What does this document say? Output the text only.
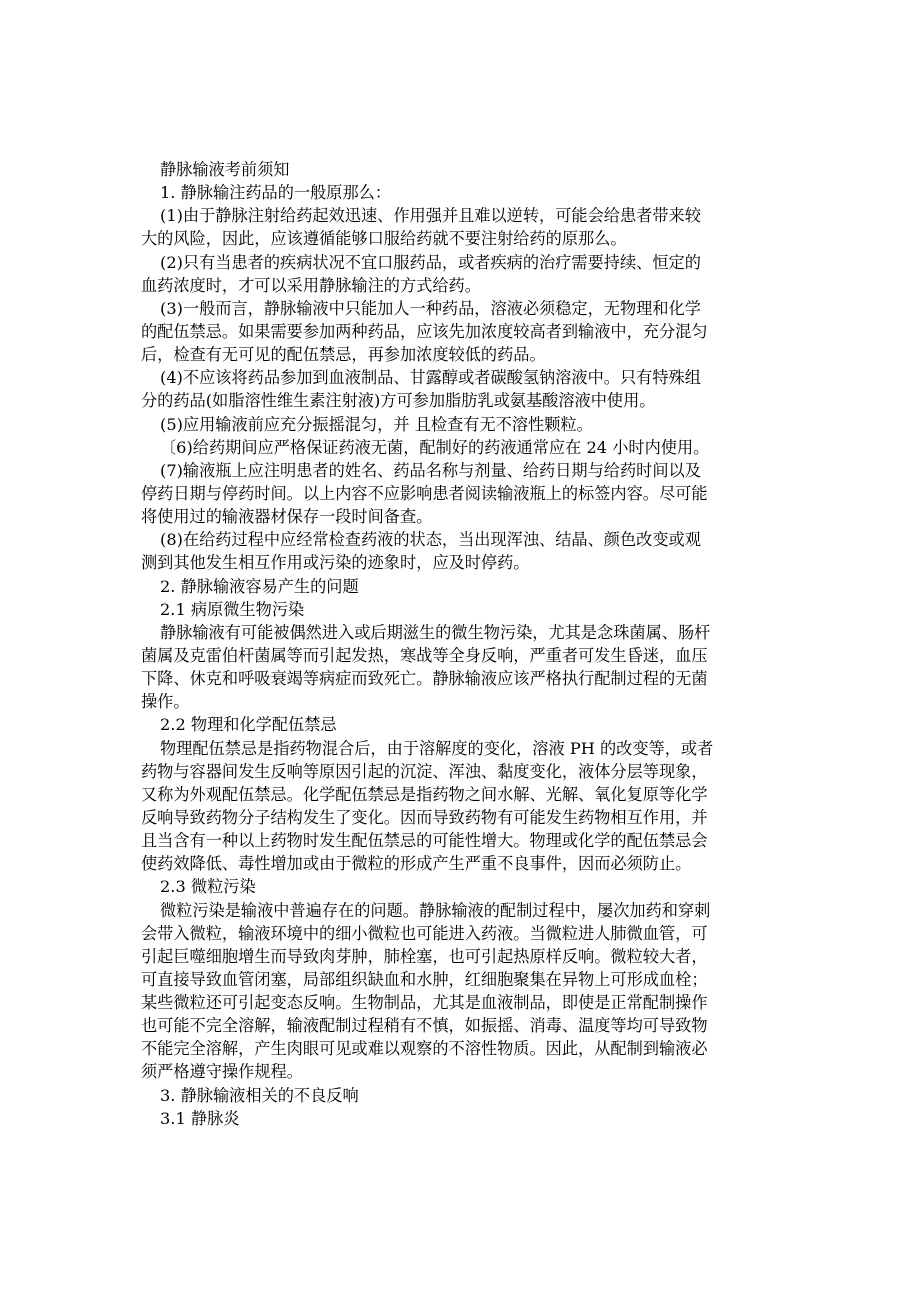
静脉输液考前须知
1. 静脉输注药品的一般原那么：
(1)由于静脉注射给药起效迅速、作用强并且难以逆转，可能会给患者带来较
大的风险，因此，应该遵循能够口服给药就不要注射给药的原那么。
(2)只有当患者的疾病状况不宜口服药品，或者疾病的治疗需要持续、恒定的
血药浓度时，才可以采用静脉输注的方式给药。
(3)一般而言，静脉输液中只能加人一种药品，溶液必须稳定，无物理和化学
的配伍禁忌。如果需要参加两种药品，应该先加浓度较高者到输液中，充分混匀
后，检查有无可见的配伍禁忌，再参加浓度较低的药品。
(4)不应该将药品参加到血液制品、甘露醇或者碳酸氢钠溶液中。只有特殊组
分的药品(如脂溶性维生素注射液)方可参加脂肪乳或氨基酸溶液中使用。
(5)应用输液前应充分振摇混匀，并 且检查有无不溶性颗粒。
〔6)给药期间应严格保证药液无菌，配制好的药液通常应在 24 小时内使用。
(7)输液瓶上应注明患者的姓名、药品名称与剂量、给药日期与给药时间以及
停药日期与停药时间。以上内容不应影响患者阅读输液瓶上的标签内容。尽可能
将使用过的输液器材保存一段时间备查。
(8)在给药过程中应经常检查药液的状态，当出现浑浊、结晶、颜色改变或观
测到其他发生相互作用或污染的迹象时，应及时停药。
2. 静脉输液容易产生的问题
2.1 病原微生物污染
静脉输液有可能被偶然进入或后期滋生的微生物污染，尤其是念珠菌属、肠杆
菌属及克雷伯杆菌属等而引起发热，寒战等全身反响，严重者可发生昏迷，血压
下降、休克和呼吸衰竭等病症而致死亡。静脉输液应该严格执行配制过程的无菌
操作。
2.2 物理和化学配伍禁忌
物理配伍禁忌是指药物混合后，由于溶解度的变化，溶液 PH 的改变等，或者
药物与容器间发生反响等原因引起的沉淀、浑浊、黏度变化，液体分层等现象，
又称为外观配伍禁忌。化学配伍禁忌是指药物之间水解、光解、氧化复原等化学
反响导致药物分子结构发生了变化。因而导致药物有可能发生药物相互作用，并
且当含有一种以上药物时发生配伍禁忌的可能性增大。物理或化学的配伍禁忌会
使药效降低、毒性增加或由于微粒的形成产生严重不良事件，因而必须防止。
2.3 微粒污染
微粒污染是输液中普遍存在的问题。静脉输液的配制过程中，屡次加药和穿刺
会带入微粒，输液环境中的细小微粒也可能进入药液。当微粒进人肺微血管，可
引起巨噬细胞增生而导致肉芽肿，肺栓塞，也可引起热原样反响。微粒较大者，
可直接导致血管闭塞，局部组织缺血和水肿，红细胞聚集在异物上可形成血栓；
某些微粒还可引起变态反响。生物制品，尤其是血液制品，即使是正常配制操作
也可能不完全溶解，输液配制过程稍有不慎，如振摇、消毒、温度等均可导致物
不能完全溶解，产生肉眼可见或难以观察的不溶性物质。因此，从配制到输液必
须严格遵守操作规程。
3. 静脉输液相关的不良反响
3.1 静脉炎
